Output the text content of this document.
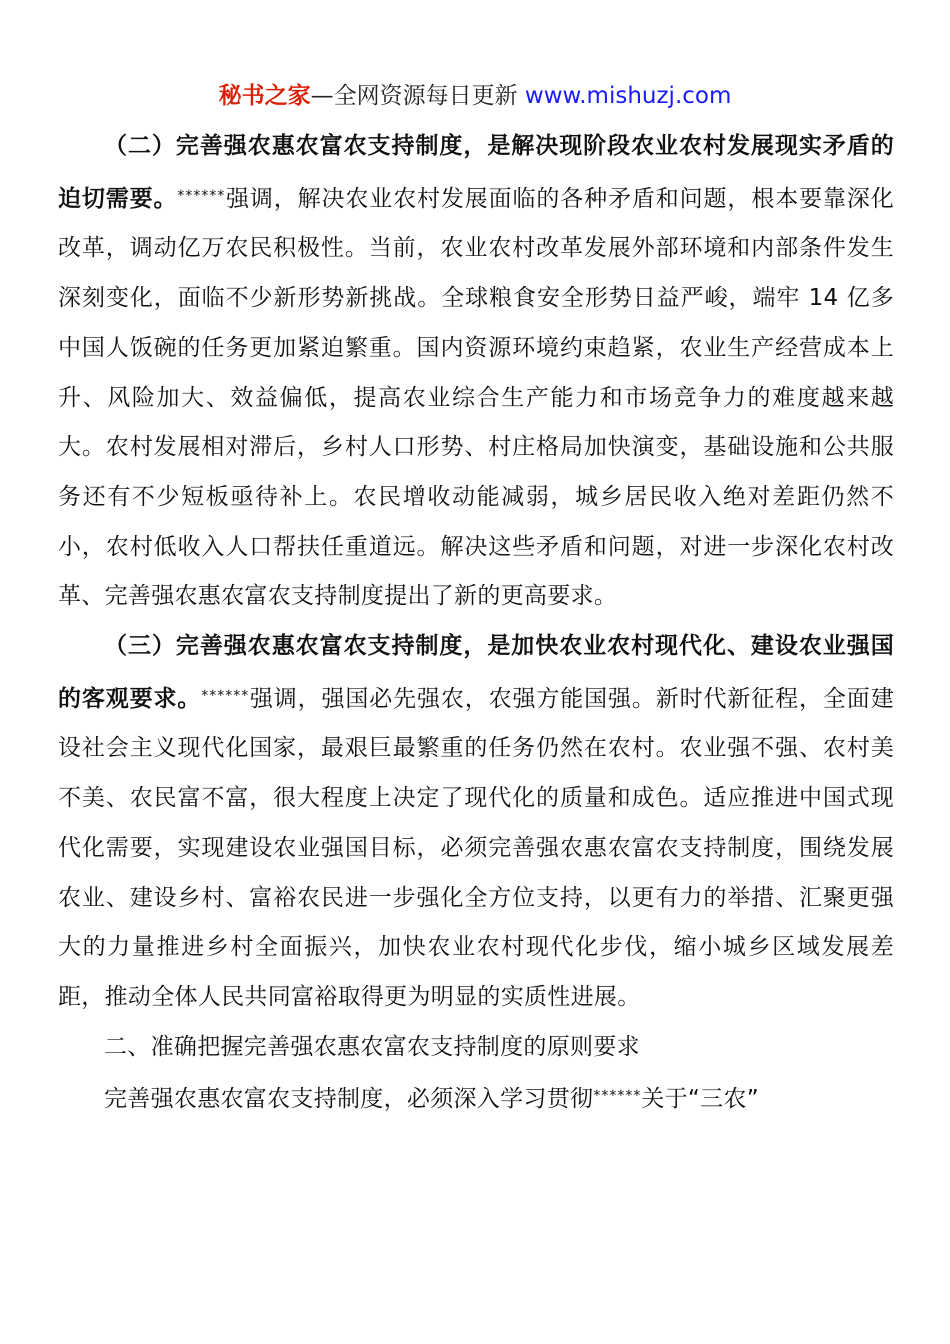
秘书之家—全网资源每日更新 www.mishuzj.com

（二）完善强农惠农富农支持制度，是解决现阶段农业农村发展现实矛盾的迫切需要。******强调，解决农业农村发展面临的各种矛盾和问题，根本要靠深化改革，调动亿万农民积极性。当前，农业农村改革发展外部环境和内部条件发生深刻变化，面临不少新形势新挑战。全球粮食安全形势日益严峻，端牢 14 亿多中国人饭碗的任务更加紧迫繁重。国内资源环境约束趋紧，农业生产经营成本上升、风险加大、效益偏低，提高农业综合生产能力和市场竞争力的难度越来越大。农村发展相对滞后，乡村人口形势、村庄格局加快演变，基础设施和公共服务还有不少短板亟待补上。农民增收动能减弱，城乡居民收入绝对差距仍然不小，农村低收入人口帮扶任重道远。解决这些矛盾和问题，对进一步深化农村改革、完善强农惠农富农支持制度提出了新的更高要求。

（三）完善强农惠农富农支持制度，是加快农业农村现代化、建设农业强国的客观要求。******强调，强国必先强农，农强方能国强。新时代新征程，全面建设社会主义现代化国家，最艰巨最繁重的任务仍然在农村。农业强不强、农村美不美、农民富不富，很大程度上决定了现代化的质量和成色。适应推进中国式现代化需要，实现建设农业强国目标，必须完善强农惠农富农支持制度，围绕发展农业、建设乡村、富裕农民进一步强化全方位支持，以更有力的举措、汇聚更强大的力量推进乡村全面振兴，加快农业农村现代化步伐，缩小城乡区域发展差距，推动全体人民共同富裕取得更为明显的实质性进展。

二、准确把握完善强农惠农富农支持制度的原则要求

完善强农惠农富农支持制度，必须深入学习贯彻******关于“三农”
